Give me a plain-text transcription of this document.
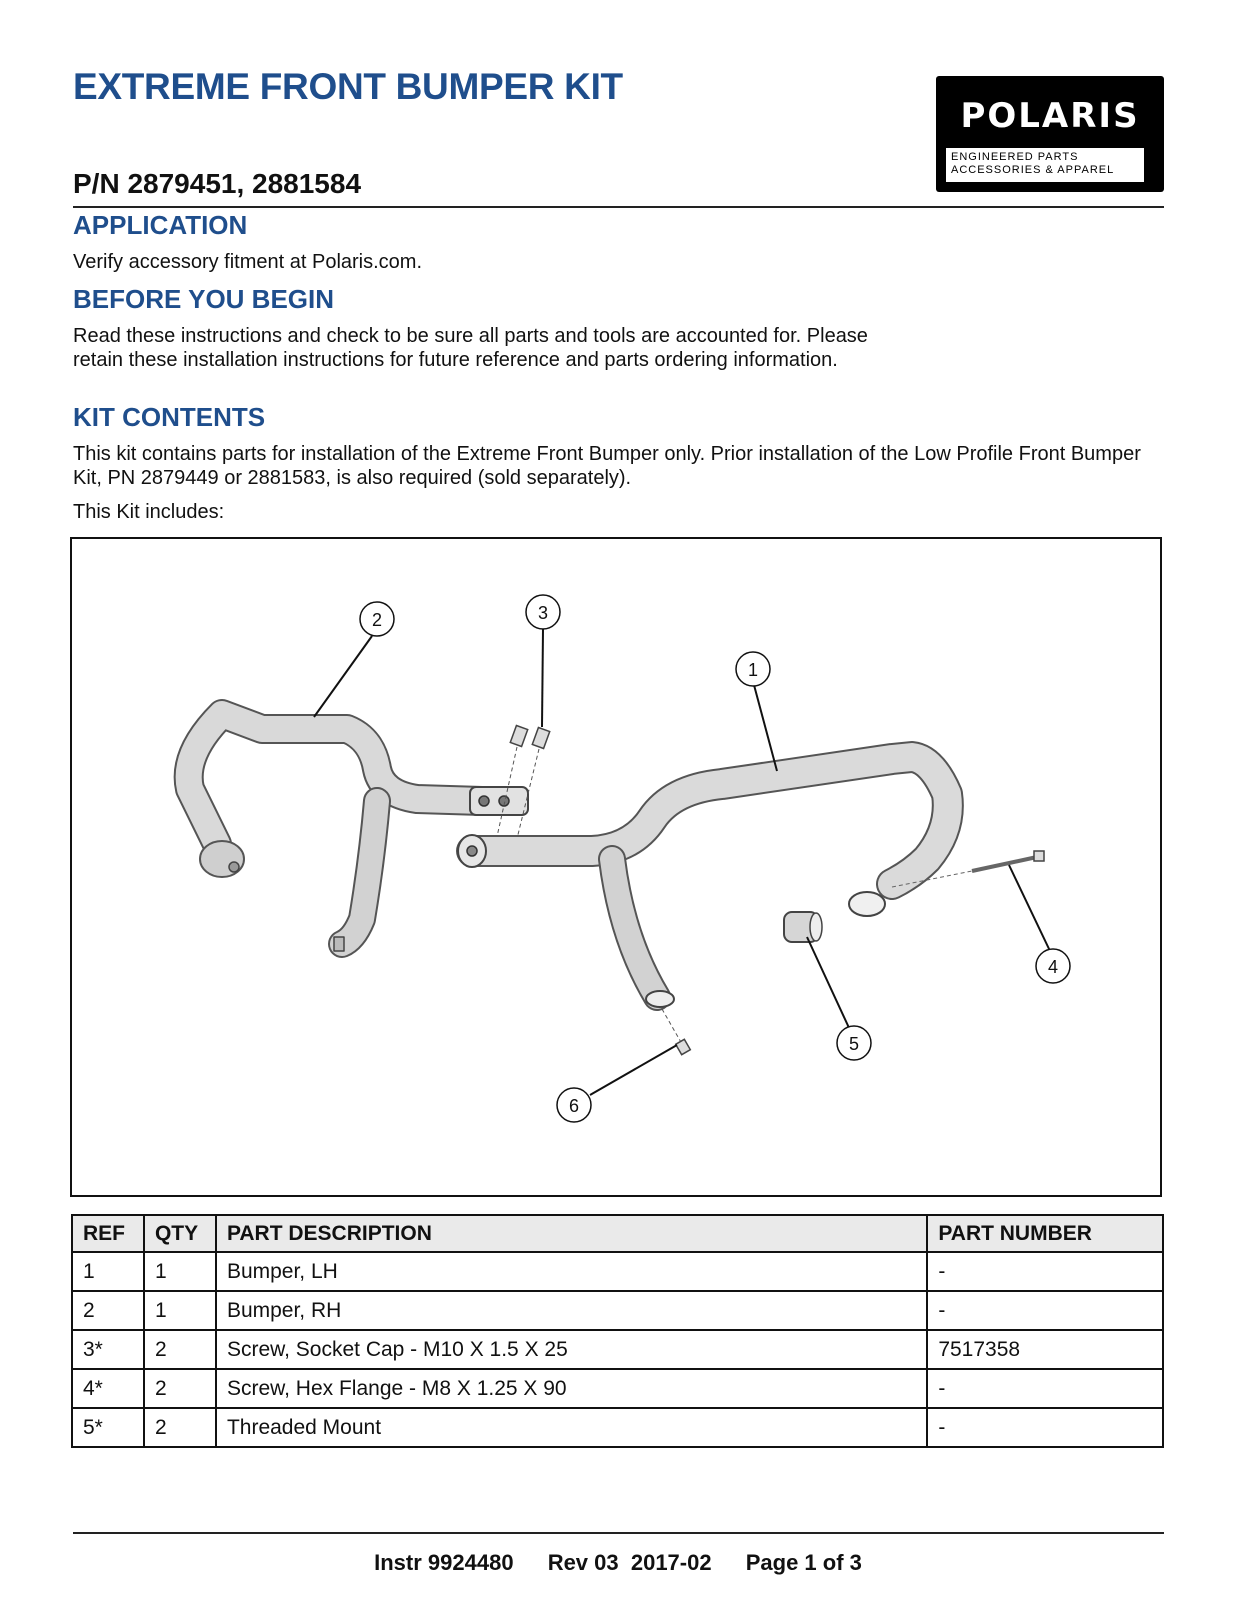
EXTREME FRONT BUMPER KIT
POLARIS
ENGINEERED PARTS
ACCESSORIES & APPAREL
P/N 2879451, 2881584
APPLICATION

Verify accessory fitment at Polaris.com.

BEFORE YOU BEGIN

Read these instructions and check to be sure all parts and tools are accounted for. Please retain these installation instructions for future reference and parts ordering information.

KIT CONTENTS

This kit contains parts for installation of the Extreme Front Bumper only. Prior installation of the Low Profile Front Bumper Kit, PN 2879449 or 2881583, is also required (sold separately).

This Kit includes:

1
2	3
4
5
6
REF	QTY	PART DESCRIPTION	PART NUMBER
1	1	Bumper, LH	-
2	1	Bumper, RH	-
3*	2	Screw, Socket Cap - M10 X 1.5 X 25	7517358
4*	2	Screw, Hex Flange - M8 X 1.25 X 90	-
5*	2	Threaded Mount	-
Instr 9924480 Rev 03  2017-02 Page 1 of 3
